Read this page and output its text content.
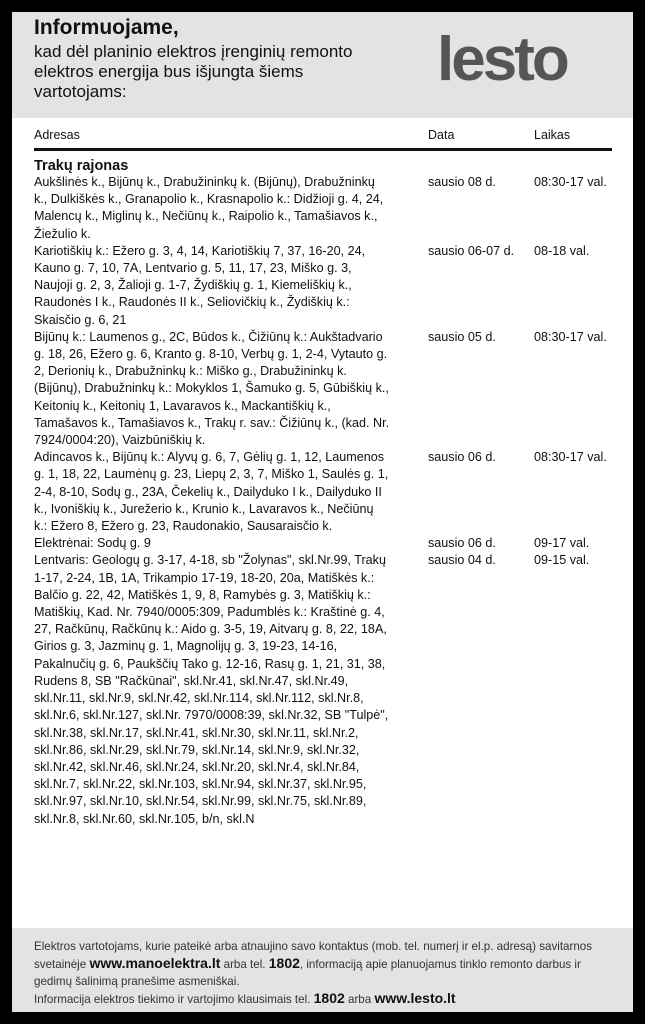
Informuojame,
kad dėl planinio elektros įrenginių remonto elektros energija bus išjungta šiems vartotojams:	lesto
Adresas	Data	Laikas
Trakų rajonas
Aukšlinės k., Bijūnų k., Drabužininkų k. (Bijūnų), Drabužninkų k., Dulkiškės k., Granapolio k., Krasnapolio k.: Didžioji g. 4, 24, Malencų k., Miglinų k., Nečiūnų k., Raipolio k., Tamašiavos k., Žiežulio k.
sausio 08 d.	08:30-17 val.
Kariotiškių k.: Ežero g. 3, 4, 14, Kariotiškių 7, 37, 16-20, 24, Kauno g. 7, 10, 7A, Lentvario g. 5, 11, 17, 23, Miško g. 3, Naujoji g. 2, 3, Žalioji g. 1-7, Žydiškių g. 1, Kiemeliškių k., Raudonės I k., Raudonės II k., Seliovičkių k., Žydiškių k.: Skaisčio g. 6, 21
sausio 06-07 d. 08-18 val.
Bijūnų k.: Laumenos g., 2C, Būdos k., Čižiūnų k.: Aukštadvario g. 18, 26, Ežero g. 6, Kranto g. 8-10, Verbų g. 1, 2-4, Vytauto g. 2, Derionių k., Drabužninkų k.: Miško g., Drabužininkų k. (Bijūnų), Drabužninkų k.: Mokyklos 1, Šamuko g. 5, Gūbiškių k., Keitonių k., Keitonių 1, Lavaravos k., Mackantiškių k., Tamašavos k., Tamašiavos k., Trakų r. sav.: Čižiūnų k., (kad. Nr. 7924/0004:20), Vaizbūniškių k.
sausio 05 d.	08:30-17 val.
Adincavos k., Bijūnų k.: Alyvų g. 6, 7, Gėlių g. 1, 12, Laumenos g. 1, 18, 22, Laumėnų g. 23, Liepų 2, 3, 7, Miško 1, Saulės g. 1, 2-4, 8-10, Sodų g., 23A, Čekelių k., Dailyduko I k., Dailyduko II k., Ivoniškių k., Jurežerio k., Krunio k., Lavaravos k., Nečiūnų k.: Ežero 8, Ežero g. 23, Raudonakio, Sausaraisčio k.
sausio 06 d.	08:30-17 val.
Elektrėnai: Sodų g. 9	sausio 06 d.	09-17 val.
Lentvaris: Geologų g. 3-17, 4-18, sb "Žolynas", skl.Nr.99, Trakų 1-17, 2-24, 1B, 1A, Trikampio 17-19, 18-20, 20a, Matiškės k.: Balčio g. 22, 42, Matiškės 1, 9, 8, Ramybės g. 3, Matiškių k.: Matiškių, Kad. Nr. 7940/0005:309, Padumblės k.: Kraštinė g. 4, 27, Račkūnų, Račkūnų k.: Aido g. 3-5, 19, Aitvarų g. 8, 22, 18A, Girios g. 3, Jazminų g. 1, Magnolijų g. 3, 19-23, 14-16, Pakalnučių g. 6, Paukščių Tako g. 12-16, Rasų g. 1, 21, 31, 38, Rudens 8, SB "Račkūnai", skl.Nr.41, skl.Nr.47, skl.Nr.49, skl.Nr.11, skl.Nr.9, skl.Nr.42, skl.Nr.114, skl.Nr.112, skl.Nr.8, skl.Nr.6, skl.Nr.127, skl.Nr. 7970/0008:39, skl.Nr.32, SB "Tulpė", skl.Nr.38, skl.Nr.17, skl.Nr.41, skl.Nr.30, skl.Nr.11, skl.Nr.2, skl.Nr.86, skl.Nr.29, skl.Nr.79, skl.Nr.14, skl.Nr.9, skl.Nr.32, skl.Nr.42, skl.Nr.46, skl.Nr.24, skl.Nr.20, skl.Nr.4, skl.Nr.84, skl.Nr.7, skl.Nr.22, skl.Nr.103, skl.Nr.94, skl.Nr.37, skl.Nr.95, skl.Nr.97, skl.Nr.10, skl.Nr.54, skl.Nr.99, skl.Nr.75, skl.Nr.89, skl.Nr.8, skl.Nr.60, skl.Nr.105, b/n, skl.N
sausio 04 d.	09-15 val.
Elektros vartotojams, kurie pateikė arba atnaujino savo kontaktus (mob. tel. numerį ir el.p. adresą) savitarnos svetainėje www.manoelektra.lt arba tel. 1802, informaciją apie planuojamus tinklo remonto darbus ir gedimų šalinimą pranešime asmeniškai.
Informacija elektros tiekimo ir vartojimo klausimais tel. 1802 arba www.lesto.lt
